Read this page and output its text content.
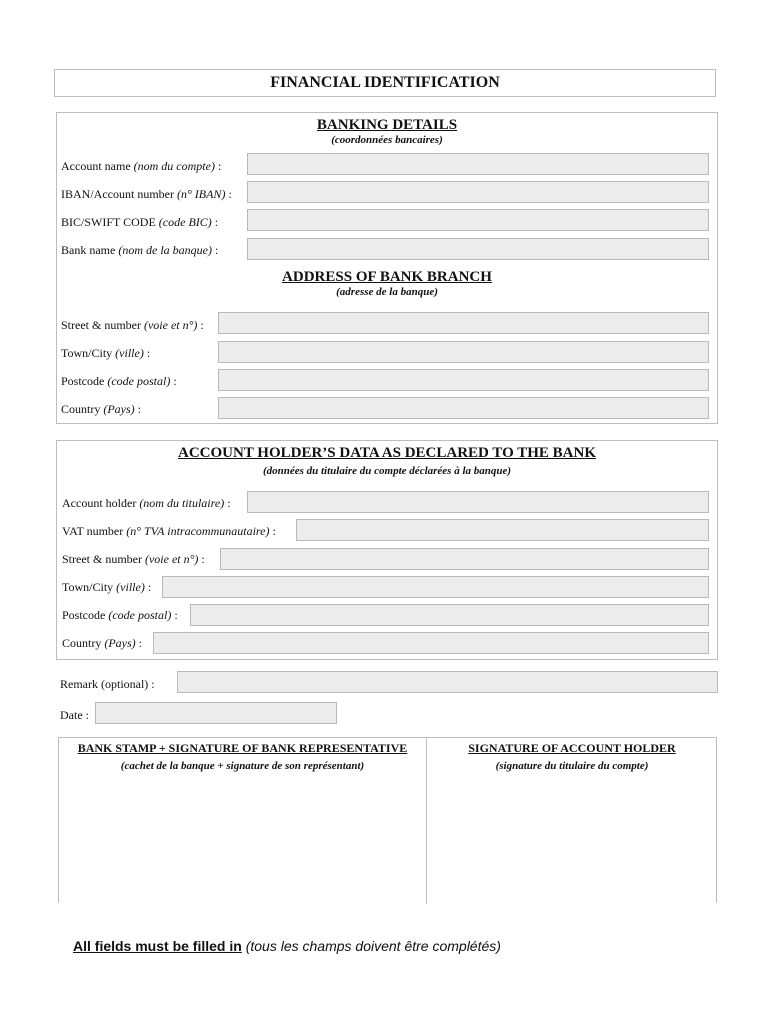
FINANCIAL IDENTIFICATION
BANKING DETAILS
(coordonnées bancaires)
Account name (nom du compte) :
IBAN/Account number (n° IBAN) :
BIC/SWIFT CODE (code BIC) :
Bank name (nom de la banque) :
ADDRESS OF BANK BRANCH
(adresse de la banque)
Street & number (voie et n°) :
Town/City (ville) :
Postcode (code postal) :
Country (Pays) :
ACCOUNT HOLDER’S DATA AS DECLARED TO THE BANK
(données du titulaire du compte déclarées à la banque)
Account holder (nom du titulaire) :
VAT number (n° TVA intracommunautaire) :
Street & number (voie et n°) :
Town/City (ville) :
Postcode (code postal) :
Country (Pays) :
Remark (optional) :
Date :
BANK STAMP + SIGNATURE OF BANK REPRESENTATIVE
(cachet de la banque + signature de son représentant)
SIGNATURE OF ACCOUNT HOLDER
(signature du titulaire du compte)
All fields must be filled in (tous les champs doivent être complétés)
